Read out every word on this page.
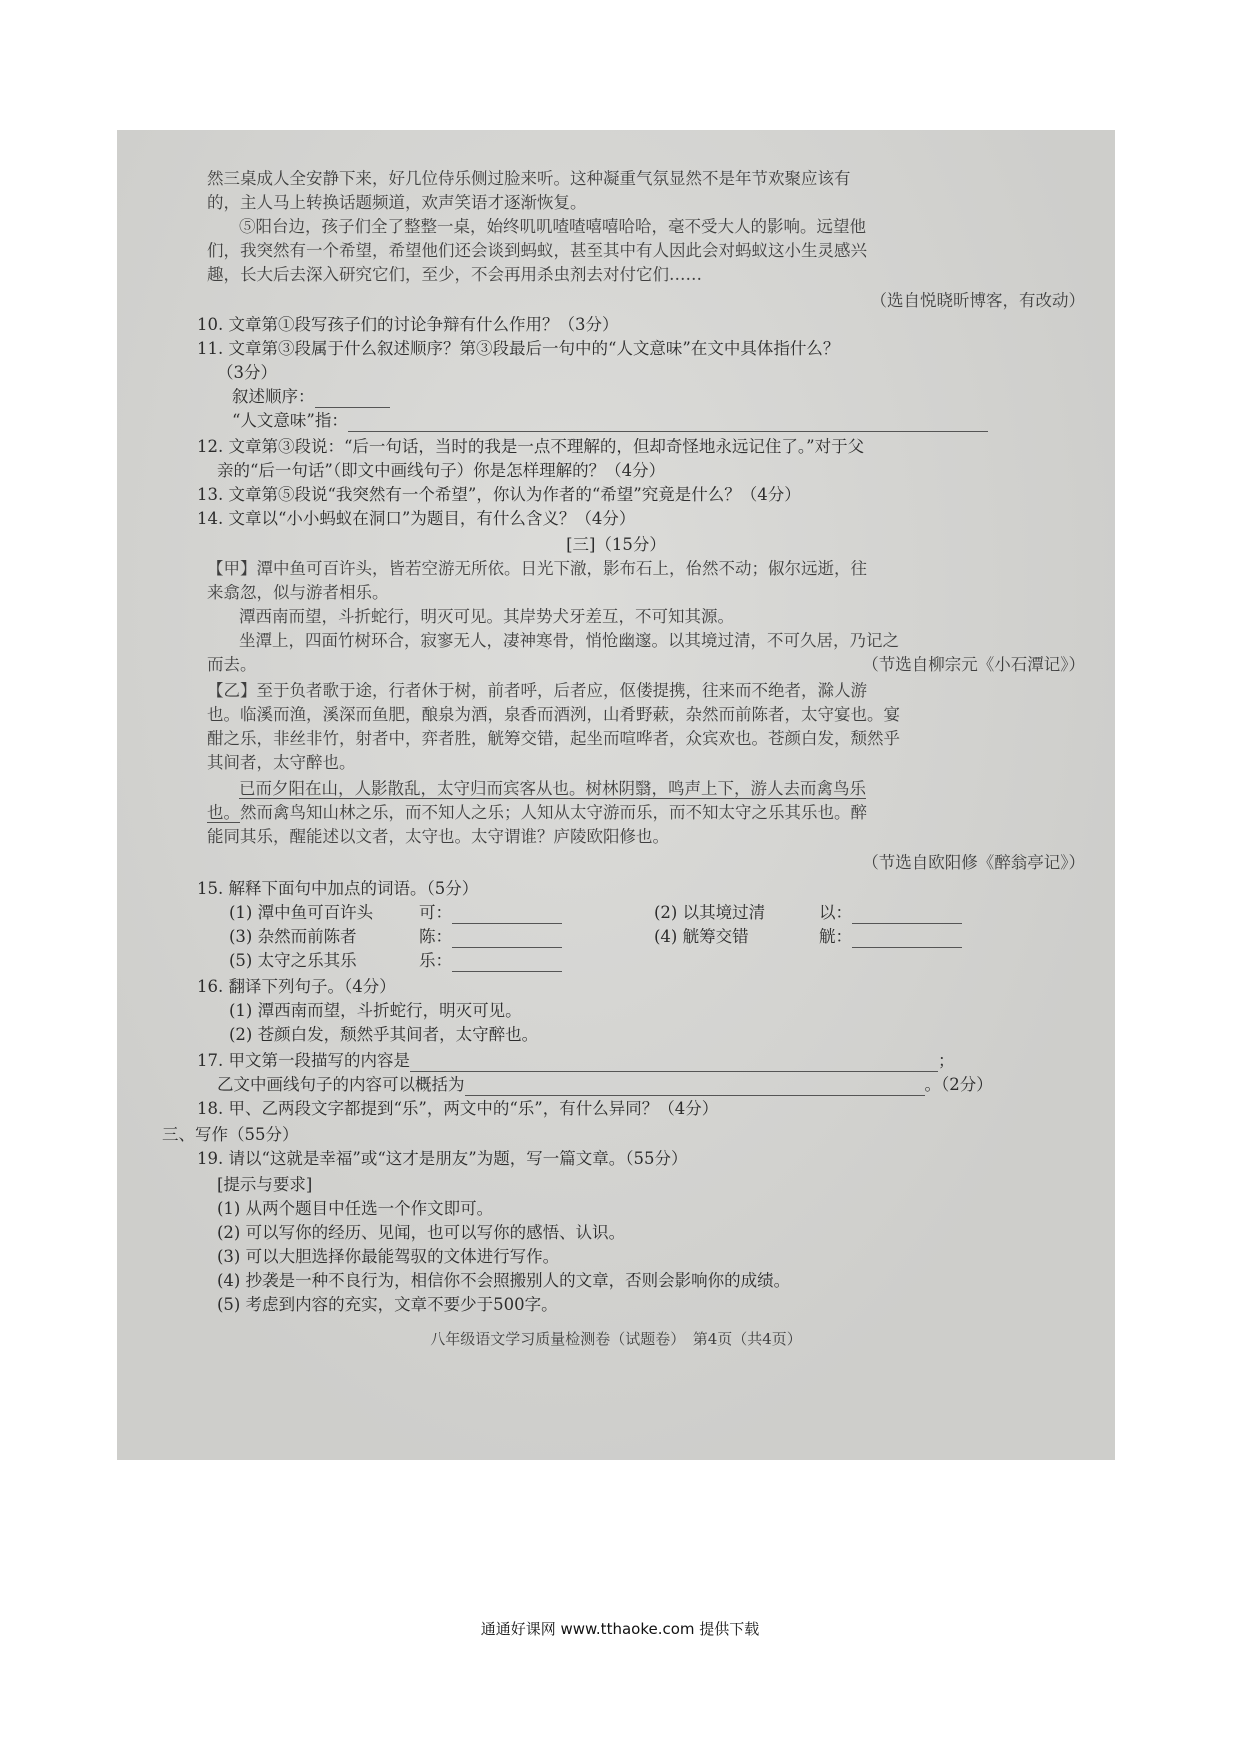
然三桌成人全安静下来，好几位侍乐侧过脸来听。这种凝重气氛显然不是年节欢聚应该有
的，主人马上转换话题频道，欢声笑语才逐渐恢复。
⑤阳台边，孩子们全了整整一桌，始终叽叽喳喳嘻嘻哈哈，毫不受大人的影响。远望他
们，我突然有一个希望，希望他们还会谈到蚂蚁，甚至其中有人因此会对蚂蚁这小生灵感兴
趣，长大后去深入研究它们，至少，不会再用杀虫剂去对付它们……
（选自悦晓昕博客，有改动）
10. 文章第①段写孩子们的讨论争辩有什么作用？（3分）
11. 文章第③段属于什么叙述顺序？第③段最后一句中的“人文意味”在文中具体指什么？
（3分）
叙述顺序：
“人文意味”指：
12. 文章第③段说：“后一句话，当时的我是一点不理解的，但却奇怪地永远记住了。”对于父
亲的“后一句话”（即文中画线句子）你是怎样理解的？（4分）
13. 文章第⑤段说“我突然有一个希望”，你认为作者的“希望”究竟是什么？（4分）
14. 文章以“小小蚂蚁在洞口”为题目，有什么含义？（4分）
[三]（15分）
【甲】潭中鱼可百许头，皆若空游无所依。日光下澈，影布石上，佁然不动；俶尔远逝，往
来翕忽，似与游者相乐。
潭西南而望，斗折蛇行，明灭可见。其岸势犬牙差互，不可知其源。
坐潭上，四面竹树环合，寂寥无人，凄神寒骨，悄怆幽邃。以其境过清，不可久居，乃记之
而去。	（节选自柳宗元《小石潭记》）
【乙】至于负者歌于途，行者休于树，前者呼，后者应，伛偻提携，往来而不绝者，滁人游
也。临溪而渔，溪深而鱼肥，酿泉为酒，泉香而酒洌，山肴野蔌，杂然而前陈者，太守宴也。宴
酣之乐，非丝非竹，射者中，弈者胜，觥筹交错，起坐而喧哗者，众宾欢也。苍颜白发，颓然乎
其间者，太守醉也。
已而夕阳在山，人影散乱，太守归而宾客从也。树林阴翳，鸣声上下，游人去而禽鸟乐
也。然而禽鸟知山林之乐，而不知人之乐；人知从太守游而乐，而不知太守之乐其乐也。醉
能同其乐，醒能述以文者，太守也。太守谓谁？庐陵欧阳修也。
（节选自欧阳修《醉翁亭记》）
15. 解释下面句中加点的词语。（5分）
(1) 潭中鱼可百许头	可：	(2) 以其境过清	以：
(3) 杂然而前陈者	陈：	(4) 觥筹交错	觥：
(5) 太守之乐其乐	乐：
16. 翻译下列句子。（4分）
(1) 潭西南而望，斗折蛇行，明灭可见。
(2) 苍颜白发，颓然乎其间者，太守醉也。
17. 甲文第一段描写的内容是	；
乙文中画线句子的内容可以概括为	。（2分）
18. 甲、乙两段文字都提到“乐”，两文中的“乐”，有什么异同？（4分）
三、写作（55分）
19. 请以“这就是幸福”或“这才是朋友”为题，写一篇文章。（55分）
[提示与要求]
(1) 从两个题目中任选一个作文即可。
(2) 可以写你的经历、见闻，也可以写你的感悟、认识。
(3) 可以大胆选择你最能驾驭的文体进行写作。
(4) 抄袭是一种不良行为，相信你不会照搬别人的文章，否则会影响你的成绩。
(5) 考虑到内容的充实，文章不要少于500字。
八年级语文学习质量检测卷（试题卷）　第4页（共4页）
通通好课网 www.tthaoke.com 提供下载
